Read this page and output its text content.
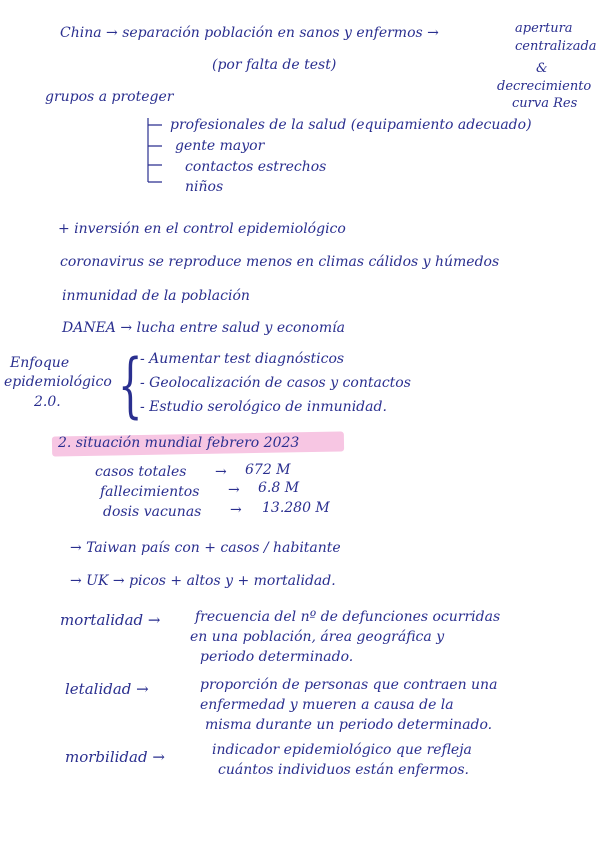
China → separación población en sanos y enfermos →
(por falta de test)
apertura
centralizada
&
decrecimiento
curva Res
grupos a proteger
profesionales de la salud (equipamiento adecuado)
gente mayor
contactos estrechos
niños
+ inversión en el control epidemiológico
coronavirus se reproduce menos en climas cálidos y húmedos
inmunidad de la población
DANEA → lucha entre salud y economía
Enfoque
epidemiológico
2.0. {
- Aumentar test diagnósticos
- Geolocalización de casos y contactos
- Estudio serológico de inmunidad.
2. situación mundial febrero 2023
casos totales → 672 M
fallecimientos → 6.8 M
dosis vacunas → 13.280 M
→ Taiwan país con + casos / habitante
→ UK → picos + altos y + mortalidad.
mortalidad → frecuencia del nº de defunciones ocurridas
en una población, área geográfica y
periodo determinado.
letalidad →	proporción de personas que contraen una
enfermedad y mueren a causa de la
misma durante un periodo determinado.
morbilidad →	indicador epidemiológico que refleja
cuántos individuos están enfermos.
